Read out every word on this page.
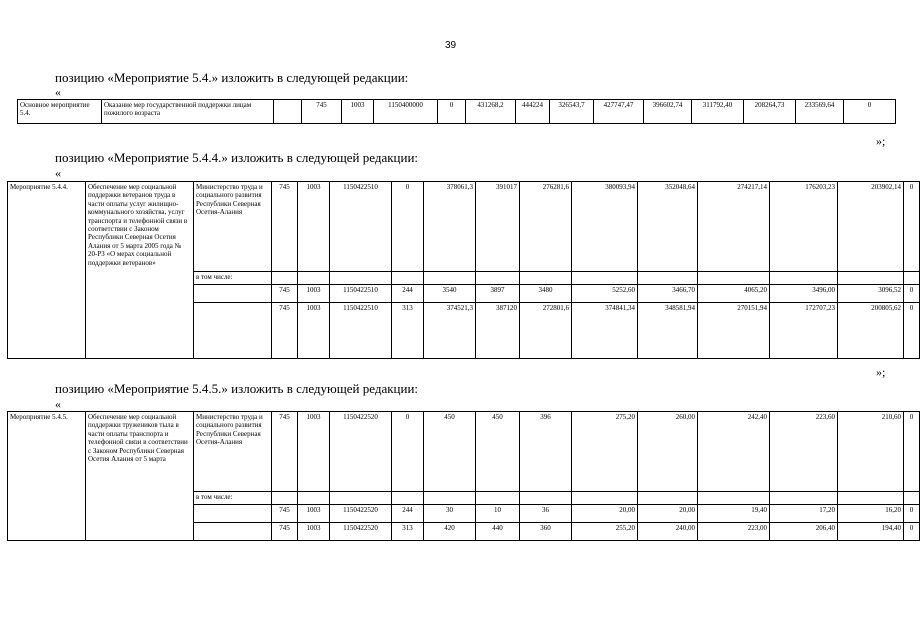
39
позицию «Мероприятие 5.4.» изложить в следующей редакции:
«
Основное мероприятие 5.4.	Оказание мер государственной поддержки лицам пожилого возраста		745	1003	1150400000	0	431268,2	444224	326543,7	427747,47	396602,74	311792,40	208264,73	233569,64	0
»;
позицию «Мероприятие 5.4.4.» изложить в следующей редакции:
«
Мероприятие 5.4.4.	Обеспечение мер социальной поддержки ветеранов труда в части оплаты услуг жилищно-коммунального хозяйства, услуг транспорта и телефонной связи в соответствии с Законом Республики Северная Осетия Алания от 5 марта 2005 года № 20-РЗ «О мерах социальной поддержки ветеранов»	Министерство труда и социального развития Республики Северная Осетия-Алания	745	1003	1150422510	0	378061,3	391017	276281,6	380093,94	352048,64	274217,14	176203,23	203902,14	0
		в том числе:													
			745	1003	1150422510	244	3540	3897	3480	5252,60	3466,70	4065,20	3496,00	3096,52	0
			745	1003	1150422510	313	374521,3	387120	272801,6	374841,34	348581,94	270151,94	172707,23	200805,62	0
»;
позицию «Мероприятие 5.4.5.» изложить в следующей редакции:
«
Мероприятие 5.4.5.	Обеспечение мер социальной поддержки тружеников тыла в части оплаты транспорта и телефонной связи в соответствии с Законом Республики Северная Осетия Алания от 5 марта	Министерство труда и социального развития Республики Северная Осетия-Алания	745	1003	1150422520	0	450	450	396	275,20	260,00	242,40	223,60	210,60	0
		в том числе:													
			745	1003	1150422520	244	30	10	36	20,00	20,00	19,40	17,20	16,20	0
			745	1003	1150422520	313	420	440	360	255,20	240,00	223,00	206,40	194,40	0
